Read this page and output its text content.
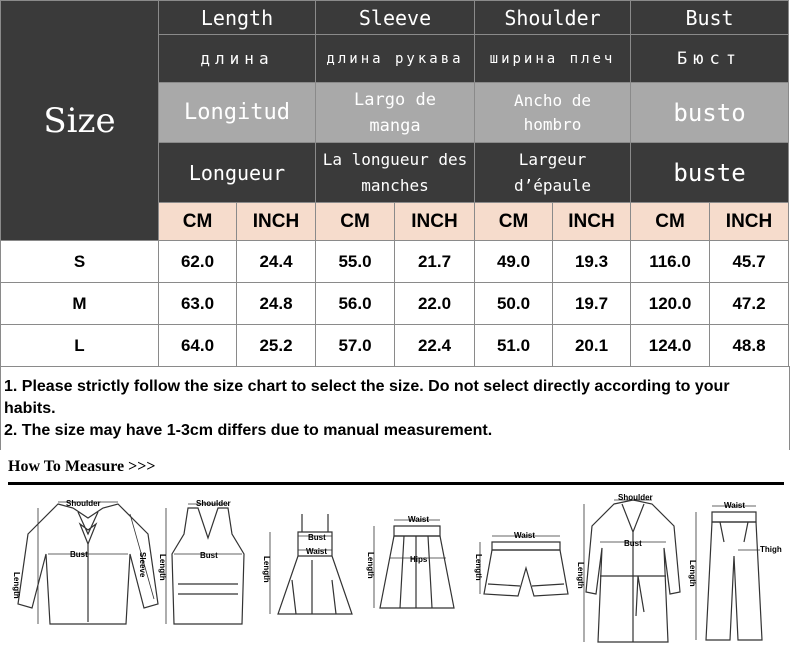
Size	Length		Sleeve		Shoulder		Bust	
	длина		длина рукава		ширина плеч		Бюст	
	Longitud		Largo de manga		Ancho de hombro		busto	
	Longueur		La longueur des manches		Largeur d’épaule		buste	
	CM	INCH	CM	INCH	CM	INCH	CM	INCH
S	62.0	24.4	55.0	21.7	49.0	19.3	116.0	45.7
M	63.0	24.8	56.0	22.0	50.0	19.7	120.0	47.2
L	64.0	25.2	57.0	22.4	51.0	20.1	124.0	48.8
1. Please strictly follow the size chart to select the size. Do not select directly according to your habits.
2. The size may have 1-3cm differs due to manual measurement.
How To Measure >>>
Shoulder
Bust
Length
Sleeve
Shoulder
Bust
Length
Bust
Waist
Length
Waist
Hips
Length
Waist
Length
Shoulder
Bust
Length
Waist
Thigh
Length
